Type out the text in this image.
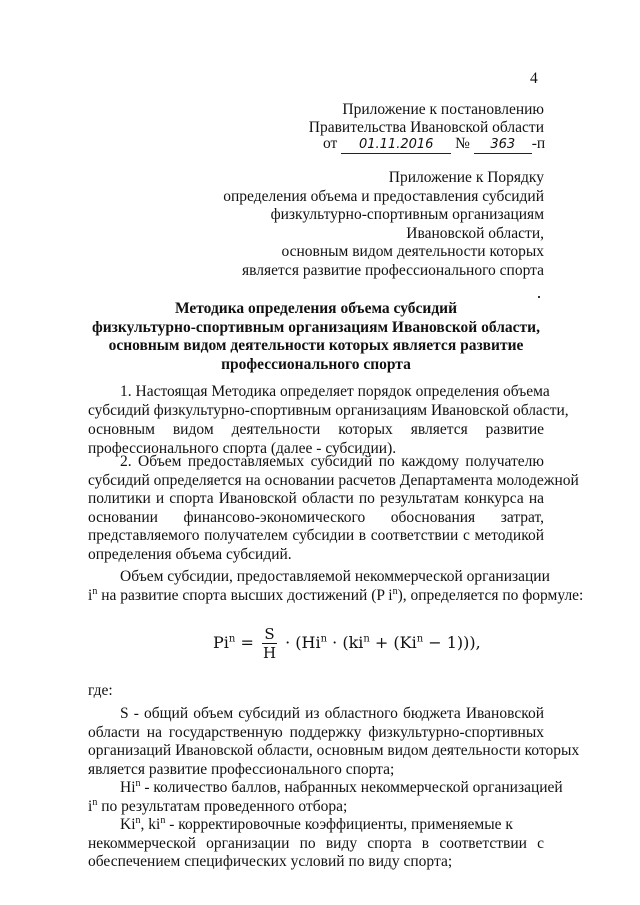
4
Приложение к постановлению
Правительства Ивановской области
от 01.11.2016 № 363 -п
Приложение к Порядку
определения объема и предоставления субсидий
физкультурно-спортивным организациям
Ивановской области,
основным видом деятельности которых
является развитие профессионального спорта
Методика определения объема субсидий
физкультурно-спортивным организациям Ивановской области,
основным видом деятельности которых является развитие
профессионального спорта
1. Настоящая Методика определяет порядок определения объема
субсидий физкультурно-спортивным организациям Ивановской области,
основным видом деятельности которых является развитие
профессионального спорта (далее - субсидии).
2. Объем предоставляемых субсидий по каждому получателю
субсидий определяется на основании расчетов Департамента молодежной
политики и спорта Ивановской области по результатам конкурса на
основании финансово-экономического обоснования затрат,
представляемого получателем субсидии в соответствии с методикой
определения объема субсидий.
Объем субсидии, предоставляемой некоммерческой организации
$i^n$ на развитие спорта высших достижений (P $i^n$), определяется по формуле:
$Pi^n = \frac{S}{H} \cdot (Hi^n \cdot (ki^n + (Ki^n - 1)))$,
где:
S - общий объем субсидий из областного бюджета Ивановской
области на государственную поддержку физкультурно-спортивных
организаций Ивановской области, основным видом деятельности которых
является развитие профессионального спорта;
Hi$^n$ - количество баллов, набранных некоммерческой организацией
$i^n$ по результатам проведенного отбора;
Ki$^n$, $ki^n$ - корректировочные коэффициенты, применяемые к
некоммерческой организации по виду спорта в соответствии с
обеспечением специфических условий по виду спорта;
